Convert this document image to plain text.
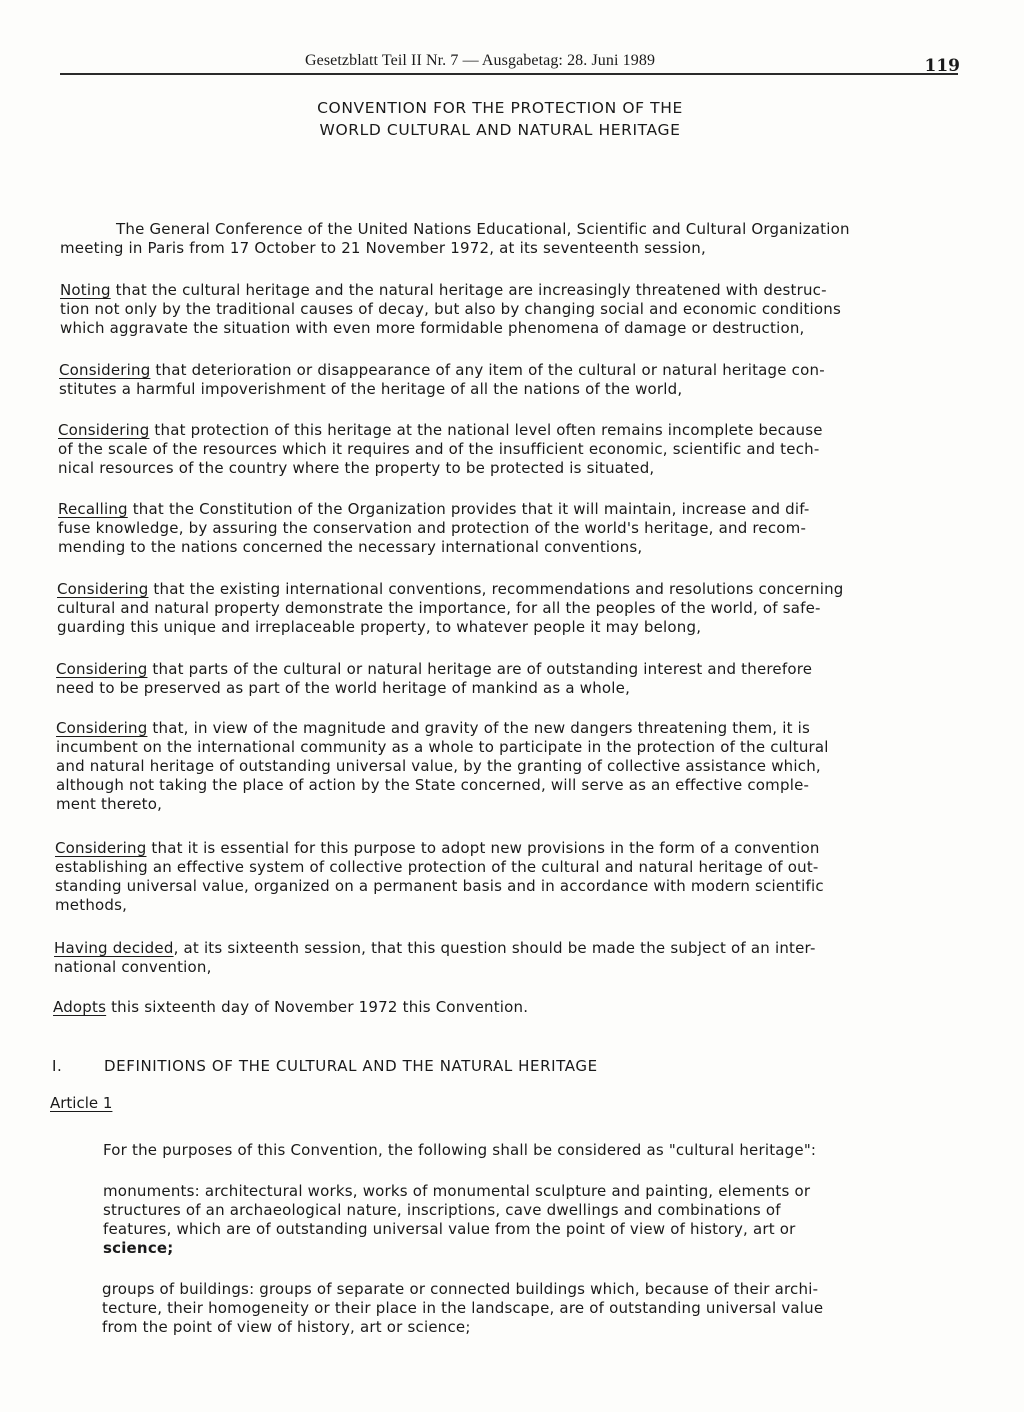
Gesetzblatt Teil II Nr. 7 — Ausgabetag: 28. Juni 1989	119
CONVENTION FOR THE PROTECTION OF THE
WORLD CULTURAL AND NATURAL HERITAGE
The General Conference of the United Nations Educational, Scientific and Cultural Organization
meeting in Paris from 17 October to 21 November 1972, at its seventeenth session,
Noting that the cultural heritage and the natural heritage are increasingly threatened with destruc-
tion not only by the traditional causes of decay, but also by changing social and economic conditions
which aggravate the situation with even more formidable phenomena of damage or destruction,
Considering that deterioration or disappearance of any item of the cultural or natural heritage con-
stitutes a harmful impoverishment of the heritage of all the nations of the world,
Considering that protection of this heritage at the national level often remains incomplete because
of the scale of the resources which it requires and of the insufficient economic, scientific and tech-
nical resources of the country where the property to be protected is situated,
Recalling that the Constitution of the Organization provides that it will maintain, increase and dif-
fuse knowledge, by assuring the conservation and protection of the world's heritage, and recom-
mending to the nations concerned the necessary international conventions,
Considering that the existing international conventions, recommendations and resolutions concerning
cultural and natural property demonstrate the importance, for all the peoples of the world, of safe-
guarding this unique and irreplaceable property, to whatever people it may belong,
Considering that parts of the cultural or natural heritage are of outstanding interest and therefore
need to be preserved as part of the world heritage of mankind as a whole,
Considering that, in view of the magnitude and gravity of the new dangers threatening them, it is
incumbent on the international community as a whole to participate in the protection of the cultural
and natural heritage of outstanding universal value, by the granting of collective assistance which,
although not taking the place of action by the State concerned, will serve as an effective comple-
ment thereto,
Considering that it is essential for this purpose to adopt new provisions in the form of a convention
establishing an effective system of collective protection of the cultural and natural heritage of out-
standing universal value, organized on a permanent basis and in accordance with modern scientific
methods,
Having decided, at its sixteenth session, that this question should be made the subject of an inter-
national convention,
Adopts this sixteenth day of November 1972 this Convention.
I.	DEFINITIONS OF THE CULTURAL AND THE NATURAL HERITAGE
Article 1
For the purposes of this Convention, the following shall be considered as "cultural heritage":
monuments: architectural works, works of monumental sculpture and painting, elements or
structures of an archaeological nature, inscriptions, cave dwellings and combinations of
features, which are of outstanding universal value from the point of view of history, art or
science;
groups of buildings: groups of separate or connected buildings which, because of their archi-
tecture, their homogeneity or their place in the landscape, are of outstanding universal value
from the point of view of history, art or science;
